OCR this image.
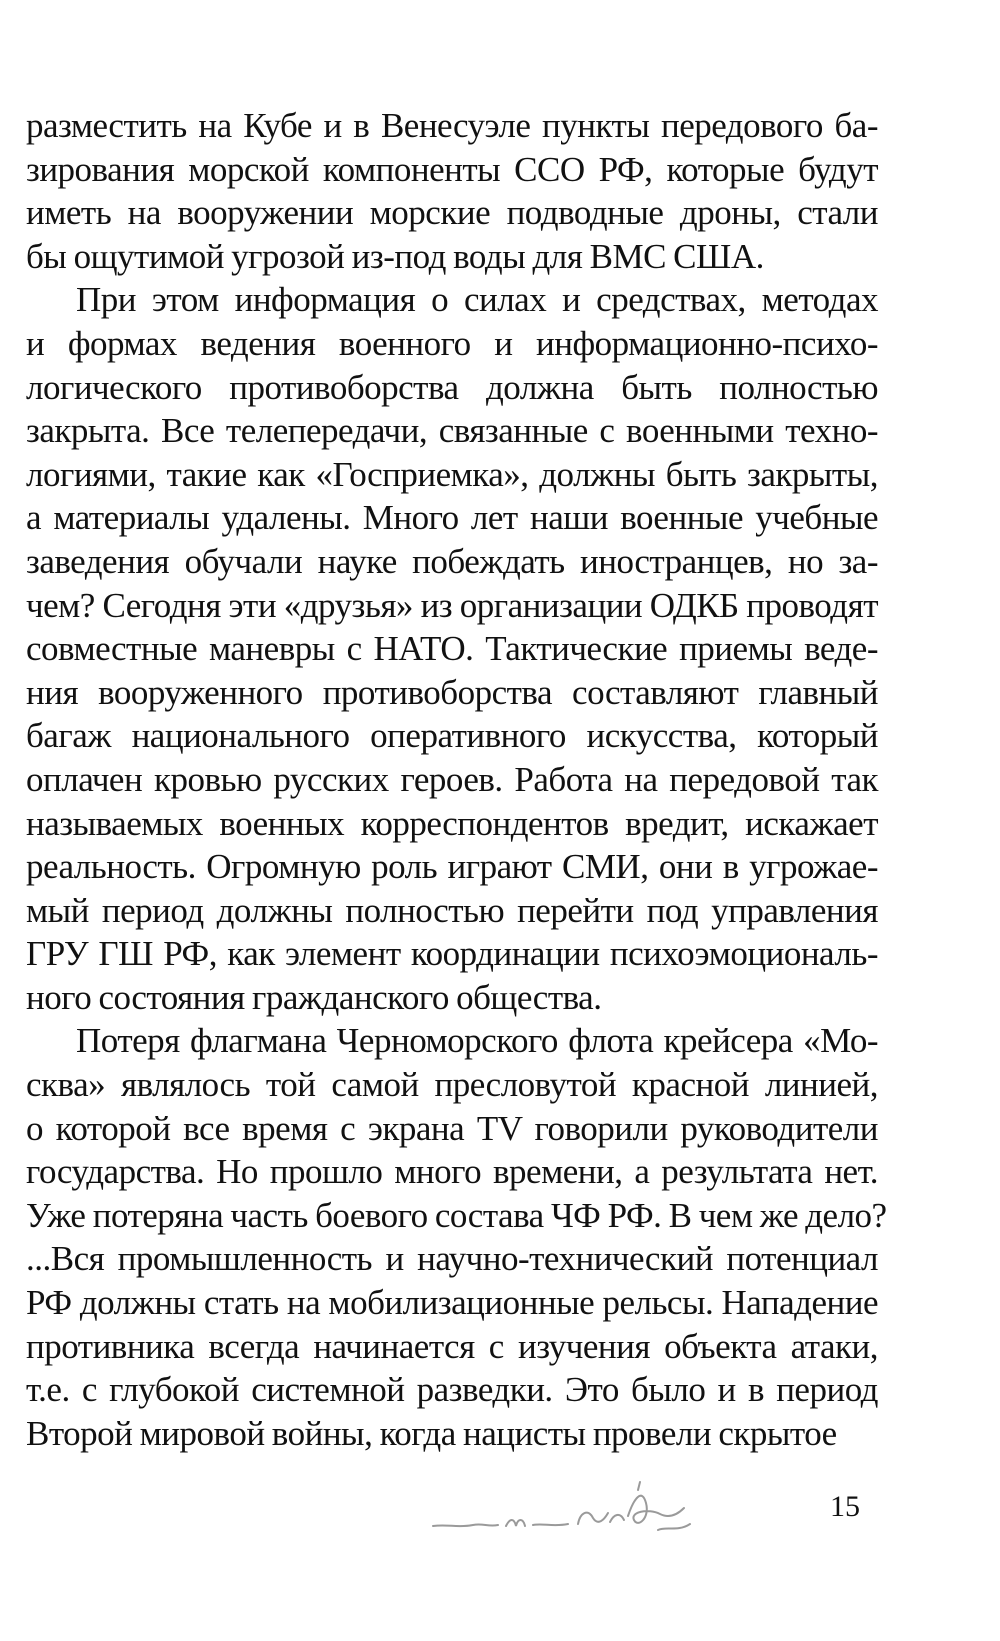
разместить на Кубе и в Венесуэле пункты передового ба-
зирования морской компоненты ССО РФ, которые будут
иметь на вооружении морские подводные дроны, стали
бы ощутимой угрозой из-под воды для ВМС США.

При этом информация о силах и средствах, методах
и формах ведения военного и информационно-психо-
логического противоборства должна быть полностью
закрыта. Все телепередачи, связанные с военными техно-
логиями, такие как «Госприемка», должны быть закрыты,
а материалы удалены. Много лет наши военные учебные
заведения обучали науке побеждать иностранцев, но за-
чем? Сегодня эти «друзья» из организации ОДКБ проводят
совместные маневры с НАТО. Тактические приемы веде-
ния вооруженного противоборства составляют главный
багаж национального оперативного искусства, который
оплачен кровью русских героев. Работа на передовой так
называемых военных корреспондентов вредит, искажает
реальность. Огромную роль играют СМИ, они в угрожае-
мый период должны полностью перейти под управления
ГРУ ГШ РФ, как элемент координации психоэмоциональ-
ного состояния гражданского общества.

Потеря флагмана Черноморского флота крейсера «Мо-
сква» являлось той самой пресловутой красной линией,
о которой все время с экрана TV говорили руководители
государства. Но прошло много времени, а результата нет.
Уже потеряна часть боевого состава ЧФ РФ. В чем же дело?
...Вся промышленность и научно-технический потенциал
РФ должны стать на мобилизационные рельсы. Нападение
противника всегда начинается с изучения объекта атаки,
т.е. с глубокой системной разведки. Это было и в период
Второй мировой войны, когда нацисты провели скрытое

15
